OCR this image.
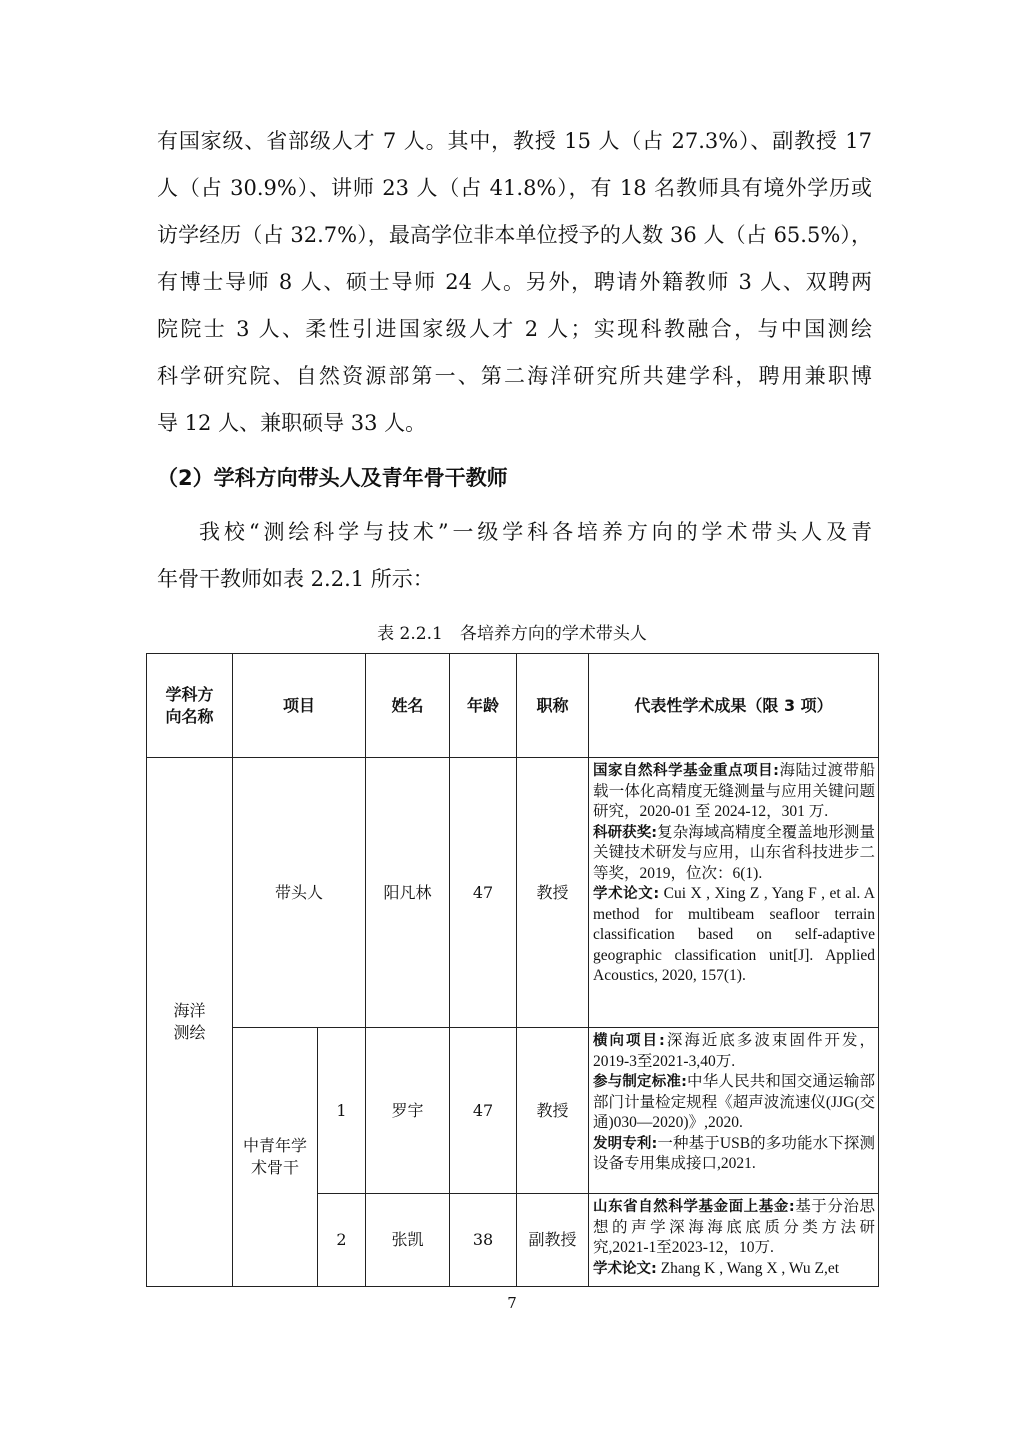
有国家级、省部级人才 7 人。其中，教授 15 人（占 27.3%）、副教授 17
人（占 30.9%）、讲师 23 人（占 41.8%），有 18 名教师具有境外学历或
访学经历（占 32.7%），最高学位非本单位授予的人数 36 人（占 65.5%），
有博士导师 8 人、硕士导师 24 人。另外，聘请外籍教师 3 人、双聘两
院院士 3 人、柔性引进国家级人才 2 人；实现科教融合，与中国测绘
科学研究院、自然资源部第一、第二海洋研究所共建学科，聘用兼职博
导 12 人、兼职硕导 33 人。
（2）学科方向带头人及青年骨干教师
我校“测绘科学与技术”一级学科各培养方向的学术带头人及青
年骨干教师如表 2.2.1 所示：
表 2.2.1　各培养方向的学术带头人
学科方向名称	项目		姓名	年龄	职称	代表性学术成果（限 3 项）

海洋测绘	带头人		阳凡林	47	教授	国家自然科学基金重点项目:海陆过渡带船载一体化高精度无缝测量与应用关键问题研究，2020-01 至 2024-12，301 万.
科研获奖:复杂海域高精度全覆盖地形测量关键技术研发与应用，山东省科技进步二等奖，2019，位次：6(1).
学术论文: Cui X , Xing Z , Yang F , et al. A method for multibeam seafloor terrain classification based on self-adaptive geographic classification unit[J]. Applied Acoustics, 2020, 157(1).

	中青年学术骨干	1	罗宇	47	教授	横向项目:深海近底多波束固件开发，2019-3至2021-3,40万.
参与制定标准:中华人民共和国交通运输部部门计量检定规程《超声波流速仪(JJG(交通)030—2020)》,2020.
发明专利:一种基于USB的多功能水下探测设备专用集成接口,2021.

		2	张凯	38	副教授	山东省自然科学基金面上基金:基于分治思想的声学深海海底底质分类方法研究,2021-1至2023-12，10万.
学术论文: Zhang K , Wang X , Wu Z,et
7
